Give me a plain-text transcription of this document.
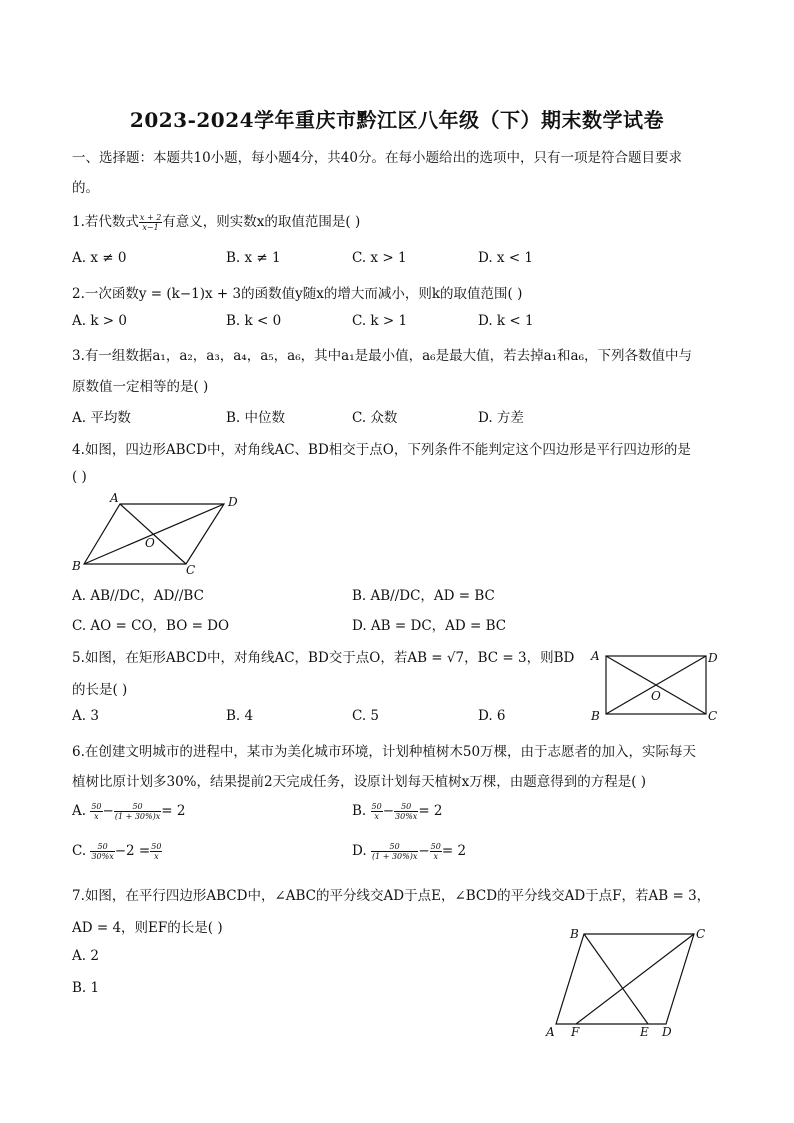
2023-2024学年重庆市黔江区八年级（下）期末数学试卷
一、选择题：本题共10小题，每小题4分，共40分。在每小题给出的选项中，只有一项是符合题目要求
的。
1.若代数式 $\frac{x + 2}{x-1}$ 有意义，则实数x的取值范围是( )
A. x ≠ 0	B. x ≠ 1	C. x > 1	D. x < 1
2.一次函数y = (k−1)x + 3的函数值y随x的增大而减小，则k的取值范围( )
A. k > 0	B. k < 0	C. k > 1	D. k < 1
3.有一组数据a₁，a₂，a₃，a₄，a₅，a₆，其中a₁是最小值，a₆是最大值，若去掉a₁和a₆，下列各数值中与
原数值一定相等的是( )
A. 平均数	B. 中位数	C. 众数	D. 方差
4.如图，四边形ABCD中，对角线AC、BD相交于点O，下列条件不能判定这个四边形是平行四边形的是
( )
A	D
B	C
O
A. AB//DC，AD//BC	B. AB//DC，AD = BC
C. AO = CO，BO = DO	D. AB = DC，AD = BC
5.如图，在矩形ABCD中，对角线AC，BD交于点O，若AB = √7，BC = 3，则BD
的长是( )
A	D
B	C
O
A. 3	B. 4	C. 5	D. 6
6.在创建文明城市的进程中，某市为美化城市环境，计划种植树木50万棵，由于志愿者的加入，实际每天
植树比原计划多30%，结果提前2天完成任务，设原计划每天植树x万棵，由题意得到的方程是( )
A. $\frac{50}{x} - \frac{50}{(1 + 30\%)x} = 2$	B. $\frac{50}{x} - \frac{50}{30\%x} = 2$
C. $\frac{50}{30\%x} -2 = \frac{50}{x}$	D. $\frac{50}{(1 + 30\%)x} - \frac{50}{x} = 2$
7.如图，在平行四边形ABCD中，∠ABC的平分线交AD于点E，∠BCD的平分线交AD于点F，若AB = 3，
AD = 4，则EF的长是( )
A. 2
B. 1
B	C
A F	E D
